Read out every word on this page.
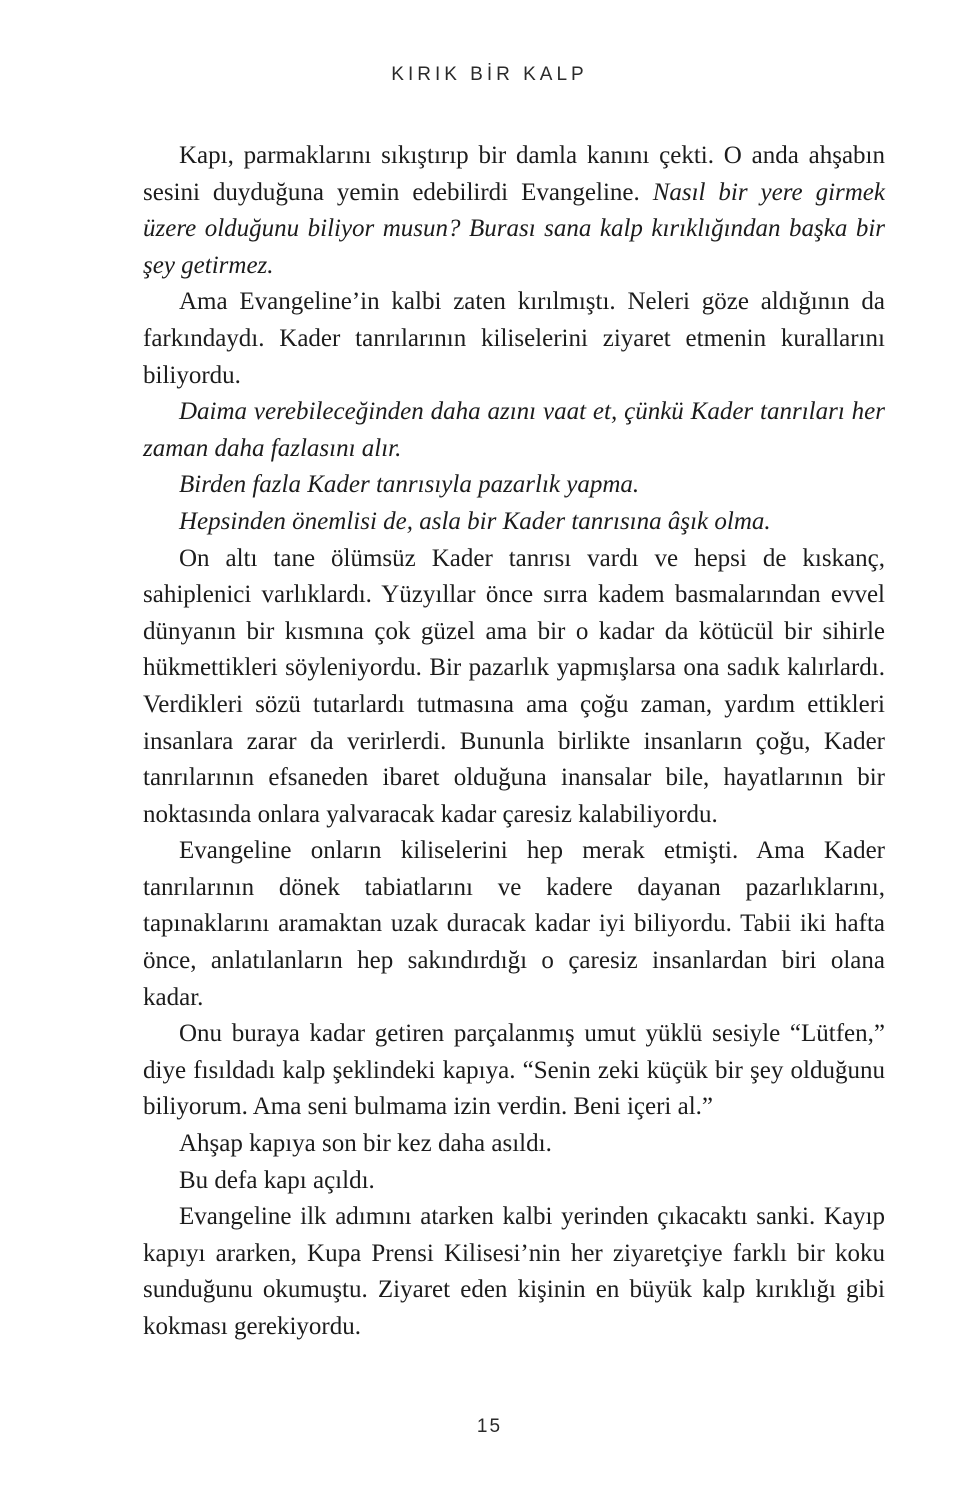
KIRIK BİR KALP

Kapı, parmaklarını sıkıştırıp bir damla kanını çekti. O anda ahşabın sesini duyduğuna yemin edebilirdi Evangeline. Nasıl bir yere girmek üzere olduğunu biliyor musun? Burası sana kalp kırıklığından başka bir şey getirmez.

Ama Evangeline’in kalbi zaten kırılmıştı. Neleri göze aldığının da farkındaydı. Kader tanrılarının kiliselerini ziyaret etmenin kurallarını biliyordu.

Daima verebileceğinden daha azını vaat et, çünkü Kader tanrıları her zaman daha fazlasını alır.

Birden fazla Kader tanrısıyla pazarlık yapma.

Hepsinden önemlisi de, asla bir Kader tanrısına âşık olma.

On altı tane ölümsüz Kader tanrısı vardı ve hepsi de kıskanç, sahiplenici varlıklardı. Yüzyıllar önce sırra kadem basmalarından evvel dünyanın bir kısmına çok güzel ama bir o kadar da kötücül bir sihirle hükmettikleri söyleniyordu. Bir pazarlık yapmışlarsa ona sadık kalırlardı. Verdikleri sözü tutarlardı tutmasına ama çoğu zaman, yardım ettikleri insanlara zarar da verirlerdi. Bununla birlikte insanların çoğu, Kader tanrılarının efsaneden ibaret olduğuna inansalar bile, hayatlarının bir noktasında onlara yalvaracak kadar çaresiz kalabiliyordu.

Evangeline onların kiliselerini hep merak etmişti. Ama Kader tanrılarının dönek tabiatlarını ve kadere dayanan pazarlıklarını, tapınaklarını aramaktan uzak duracak kadar iyi biliyordu. Tabii iki hafta önce, anlatılanların hep sakındırdığı o çaresiz insanlardan biri olana kadar.

Onu buraya kadar getiren parçalanmış umut yüklü sesiyle “Lütfen,” diye fısıldadı kalp şeklindeki kapıya. “Senin zeki küçük bir şey olduğunu biliyorum. Ama seni bulmama izin verdin. Beni içeri al.”

Ahşap kapıya son bir kez daha asıldı.

Bu defa kapı açıldı.

Evangeline ilk adımını atarken kalbi yerinden çıkacaktı sanki. Kayıp kapıyı ararken, Kupa Prensi Kilisesi’nin her ziyaretçiye farklı bir koku sunduğunu okumuştu. Ziyaret eden kişinin en büyük kalp kırıklığı gibi kokması gerekiyordu.

15
